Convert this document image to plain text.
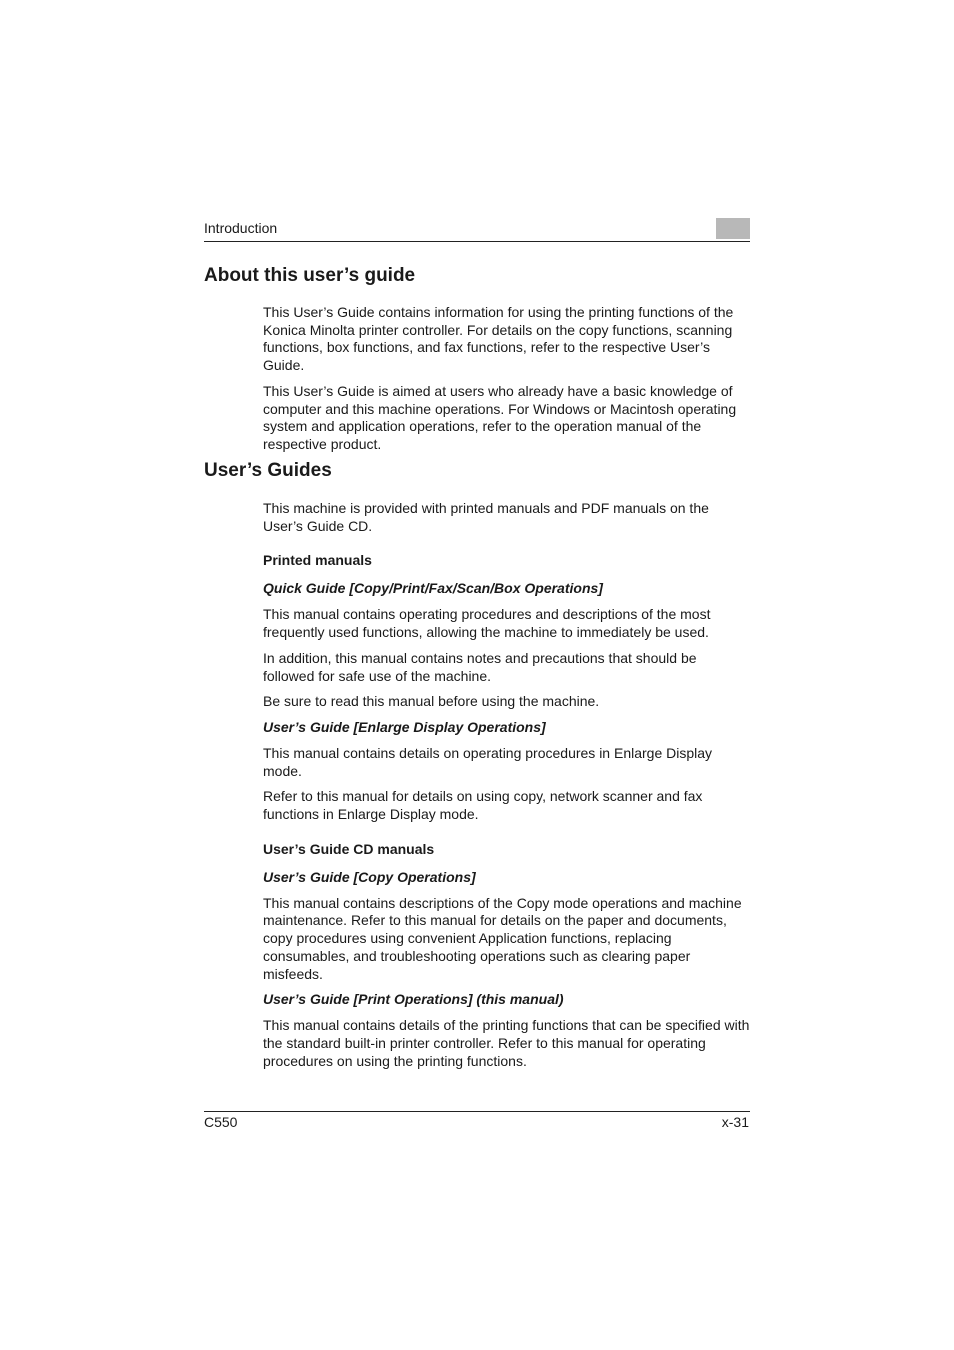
Introduction
About this user’s guide

This User’s Guide contains information for using the printing functions of the Konica Minolta printer controller. For details on the copy functions, scanning functions, box functions, and fax functions, refer to the respective User’s Guide.

This User’s Guide is aimed at users who already have a basic knowledge of computer and this machine operations. For Windows or Macintosh operating system and application operations, refer to the operation manual of the respective product.

User’s Guides

This machine is provided with printed manuals and PDF manuals on the User’s Guide CD.

Printed manuals

Quick Guide [Copy/Print/Fax/Scan/Box Operations]

This manual contains operating procedures and descriptions of the most frequently used functions, allowing the machine to immediately be used.

In addition, this manual contains notes and precautions that should be followed for safe use of the machine.

Be sure to read this manual before using the machine.

User’s Guide [Enlarge Display Operations]

This manual contains details on operating procedures in Enlarge Display mode.

Refer to this manual for details on using copy, network scanner and fax functions in Enlarge Display mode.

User’s Guide CD manuals

User’s Guide [Copy Operations]

This manual contains descriptions of the Copy mode operations and machine maintenance. Refer to this manual for details on the paper and documents, copy procedures using convenient Application functions, replacing consumables, and troubleshooting operations such as clearing paper misfeeds.

User’s Guide [Print Operations] (this manual)

This manual contains details of the printing functions that can be specified with the standard built-in printer controller. Refer to this manual for operating procedures on using the printing functions.

C550	x-31
